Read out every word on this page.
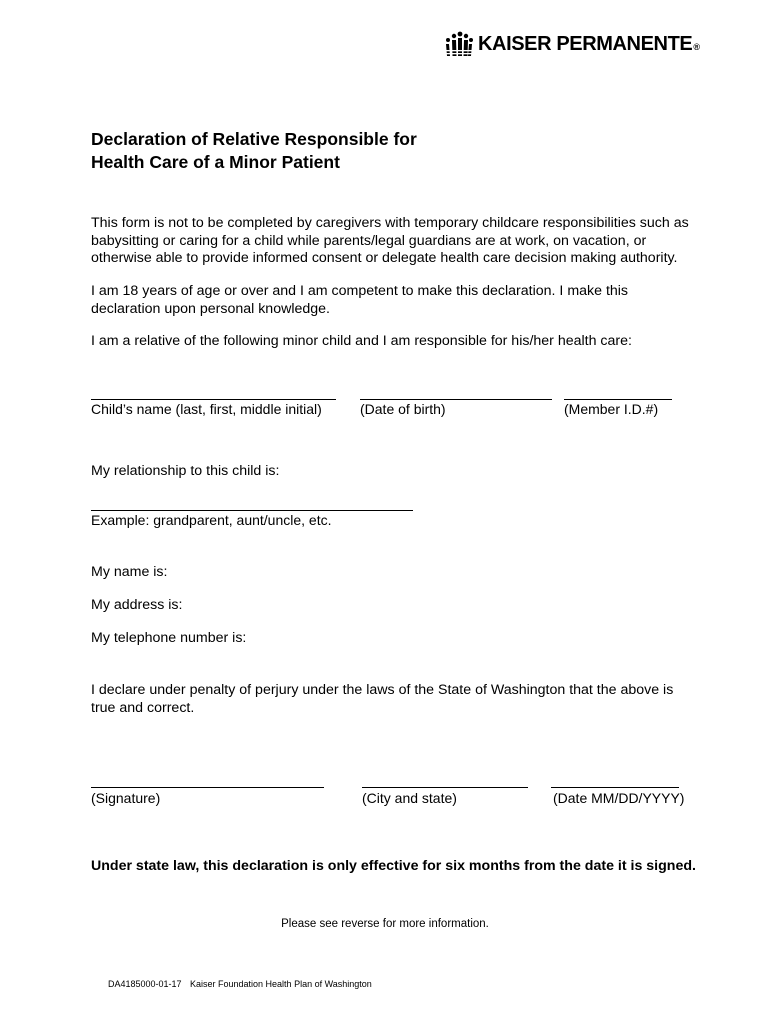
KAISER PERMANENTE®
Declaration of Relative Responsible for
Health Care of a Minor Patient
This form is not to be completed by caregivers with temporary childcare responsibilities such as
babysitting or caring for a child while parents/legal guardians are at work, on vacation, or
otherwise able to provide informed consent or delegate health care decision making authority.
I am 18 years of age or over and I am competent to make this declaration. I make this
declaration upon personal knowledge.
I am a relative of the following minor child and I am responsible for his/her health care:
Child’s name (last, first, middle initial)	(Date of birth)	(Member I.D.#)
My relationship to this child is:
Example: grandparent, aunt/uncle, etc.
My name is:
My address is:
My telephone number is:
I declare under penalty of perjury under the laws of the State of Washington that the above is
true and correct.
(Signature)	(City and state)	(Date MM/DD/YYYY)
Under state law, this declaration is only effective for six months from the date it is signed.
Please see reverse for more information.
DA4185000-01-17 Kaiser Foundation Health Plan of Washington
